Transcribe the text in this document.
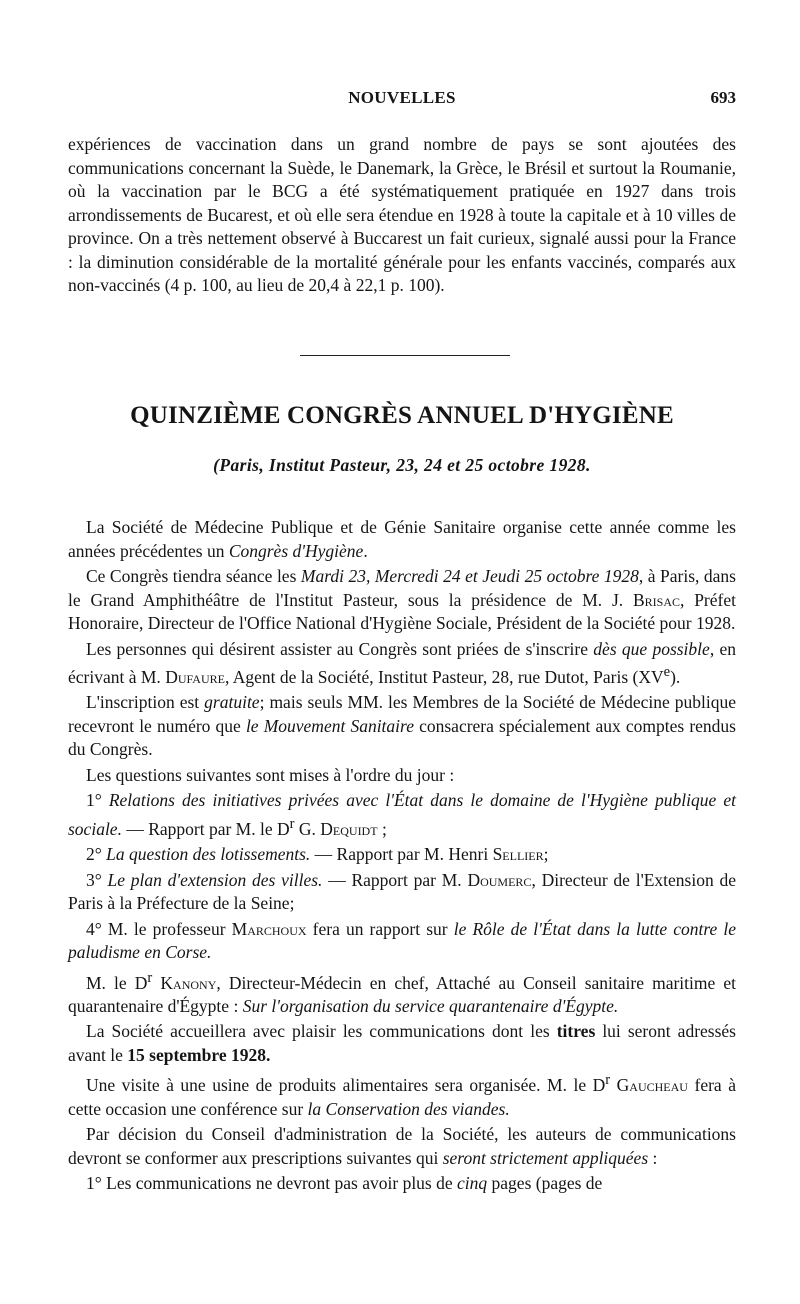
NOUVELLES	693

expériences de vaccination dans un grand nombre de pays se sont ajoutées des communications concernant la Suède, le Danemark, la Grèce, le Brésil et surtout la Roumanie, où la vaccination par le BCG a été systématiquement pratiquée en 1927 dans trois arrondissements de Bucarest, et où elle sera étendue en 1928 à toute la capitale et à 10 villes de province. On a très nettement observé à Buccarest un fait curieux, signalé aussi pour la France : la diminution considérable de la mortalité générale pour les enfants vaccinés, comparés aux non-vaccinés (4 p. 100, au lieu de 20,4 à 22,1 p. 100).

QUINZIÈME CONGRÈS ANNUEL D'HYGIÈNE
(Paris, Institut Pasteur, 23, 24 et 25 octobre 1928.

La Société de Médecine Publique et de Génie Sanitaire organise cette année comme les années précédentes un Congrès d'Hygiène.

Ce Congrès tiendra séance les Mardi 23, Mercredi 24 et Jeudi 25 octobre 1928, à Paris, dans le Grand Amphithéâtre de l'Institut Pasteur, sous la présidence de M. J. Brisac, Préfet Honoraire, Directeur de l'Office National d'Hygiène Sociale, Président de la Société pour 1928.

Les personnes qui désirent assister au Congrès sont priées de s'inscrire dès que possible, en écrivant à M. Dufaure, Agent de la Société, Institut Pasteur, 28, rue Dutot, Paris (XVe).

L'inscription est gratuite; mais seuls MM. les Membres de la Société de Médecine publique recevront le numéro que le Mouvement Sanitaire consacrera spécialement aux comptes rendus du Congrès.

Les questions suivantes sont mises à l'ordre du jour :

1° Relations des initiatives privées avec l'État dans le domaine de l'Hygiène publique et sociale. — Rapport par M. le $D^r$ G. Dequidt ;

2° La question des lotissements. — Rapport par M. Henri Sellier;

3° Le plan d'extension des villes. — Rapport par M. Doumerc, Directeur de l'Extension de Paris à la Préfecture de la Seine;

4° M. le professeur Marchoux fera un rapport sur le Rôle de l'État dans la lutte contre le paludisme en Corse.

M. le $D^r$ Kanony, Directeur-Médecin en chef, Attaché au Conseil sanitaire maritime et quarantenaire d'Égypte : Sur l'organisation du service quarantenaire d'Égypte.

La Société accueillera avec plaisir les communications dont les titres lui seront adressés avant le 15 septembre 1928.

Une visite à une usine de produits alimentaires sera organisée. M. le $D^r$ Gaucheau fera à cette occasion une conférence sur la Conservation des viandes.

Par décision du Conseil d'administration de la Société, les auteurs de communications devront se conformer aux prescriptions suivantes qui seront strictement appliquées :

1° Les communications ne devront pas avoir plus de cinq pages (pages de
